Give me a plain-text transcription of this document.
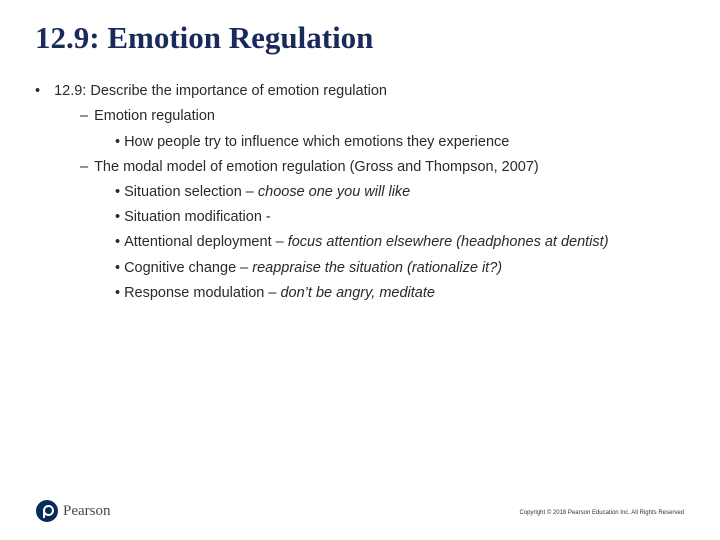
12.9: Emotion Regulation
• 12.9: Describe the importance of emotion regulation
– Emotion regulation
• How people try to influence which emotions they experience
– The modal model of emotion regulation (Gross and Thompson, 2007)
• Situation selection – choose one you will like
• Situation modification -
• Attentional deployment – focus attention elsewhere (headphones at dentist)
• Cognitive change – reappraise the situation (rationalize it?)
• Response modulation – don’t be angry, meditate
Pearson	Copyright © 2018 Pearson Education Inc. All Rights Reserved
